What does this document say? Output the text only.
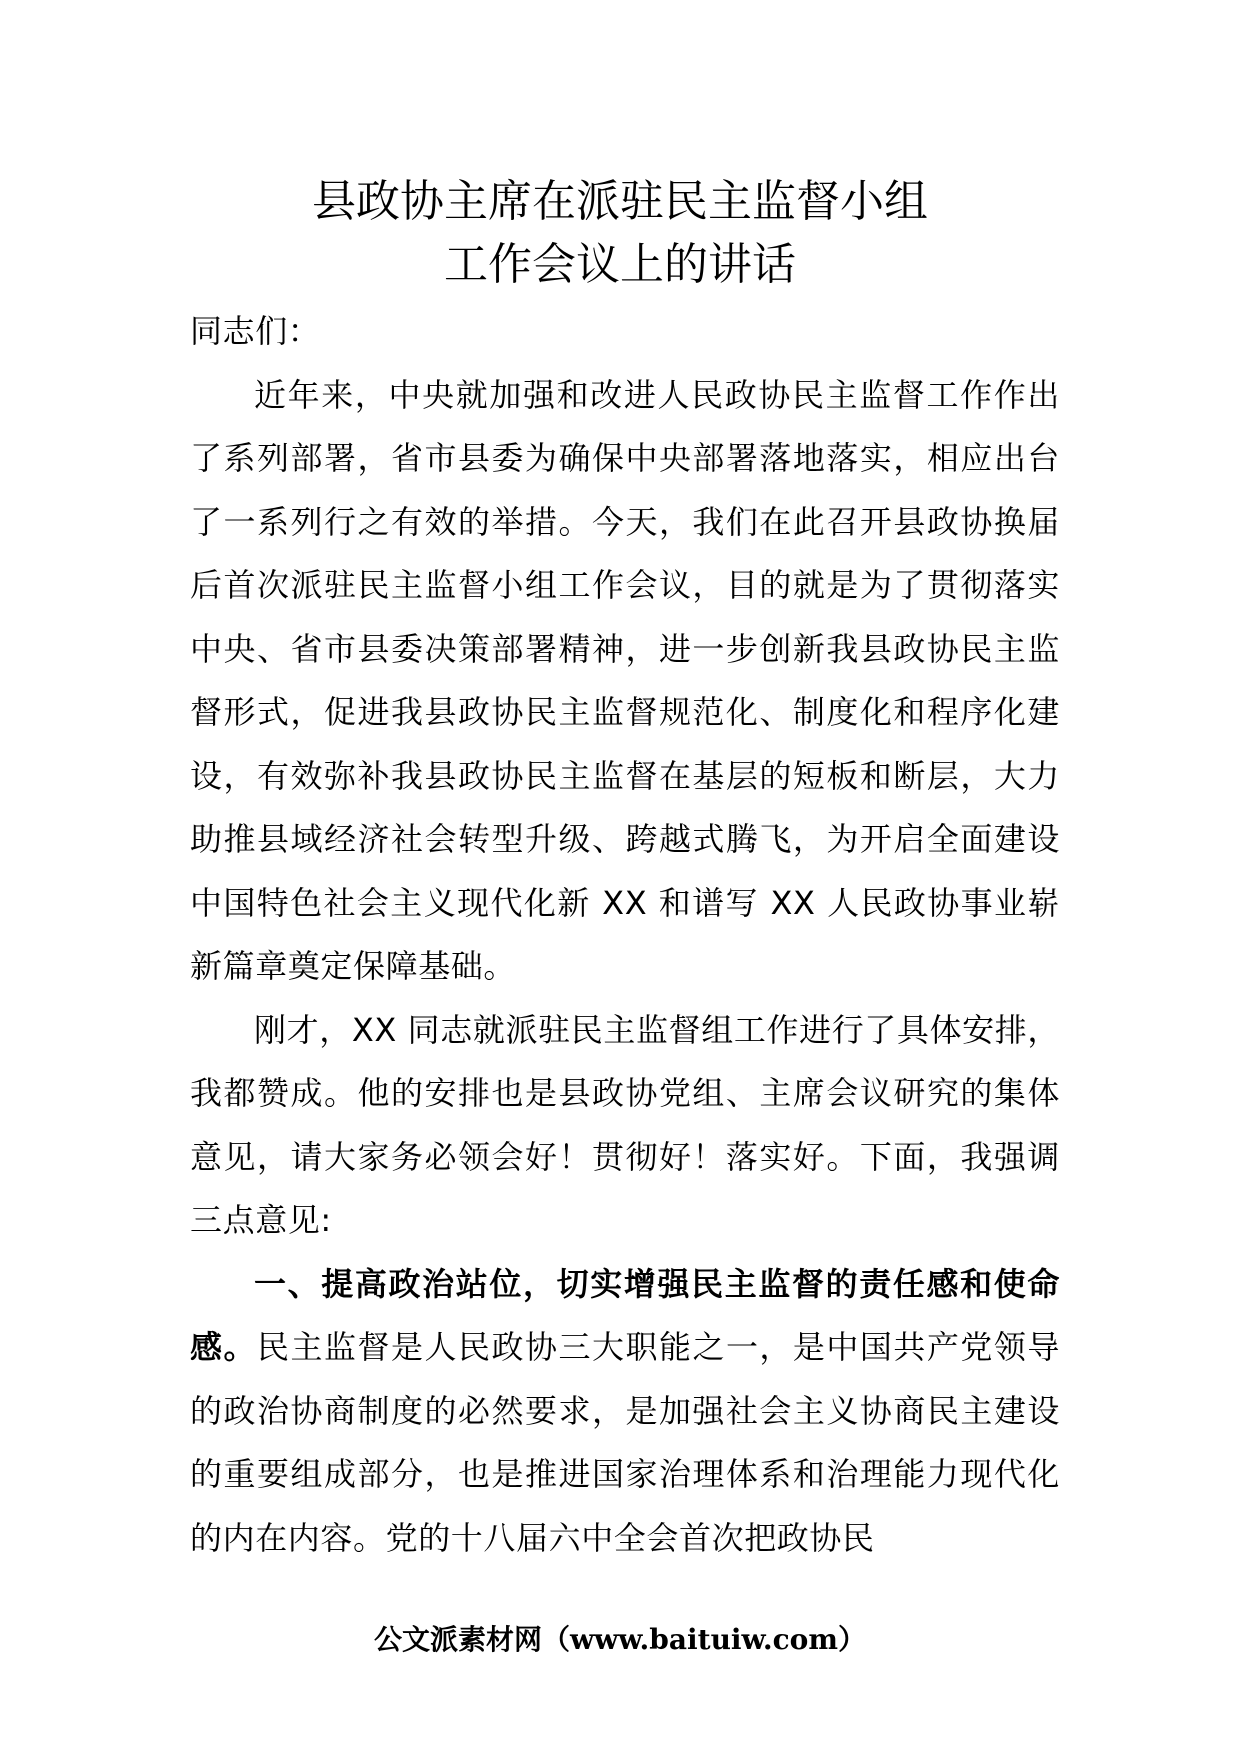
县政协主席在派驻民主监督小组
工作会议上的讲话

同志们：

近年来，中央就加强和改进人民政协民主监督工作作出了系列部署，省市县委为确保中央部署落地落实，相应出台了一系列行之有效的举措。今天，我们在此召开县政协换届后首次派驻民主监督小组工作会议，目的就是为了贯彻落实中央、省市县委决策部署精神，进一步创新我县政协民主监督形式，促进我县政协民主监督规范化、制度化和程序化建设，有效弥补我县政协民主监督在基层的短板和断层，大力助推县域经济社会转型升级、跨越式腾飞，为开启全面建设中国特色社会主义现代化新 XX 和谱写 XX 人民政协事业崭新篇章奠定保障基础。

刚才，XX 同志就派驻民主监督组工作进行了具体安排，我都赞成。他的安排也是县政协党组、主席会议研究的集体意见，请大家务必领会好！贯彻好！落实好。下面，我强调三点意见:

一、提高政治站位，切实增强民主监督的责任感和使命感。民主监督是人民政协三大职能之一，是中国共产党领导的政治协商制度的必然要求，是加强社会主义协商民主建设的重要组成部分，也是推进国家治理体系和治理能力现代化的内在内容。党的十八届六中全会首次把政协民

公文派素材网（www.baituiw.com）
